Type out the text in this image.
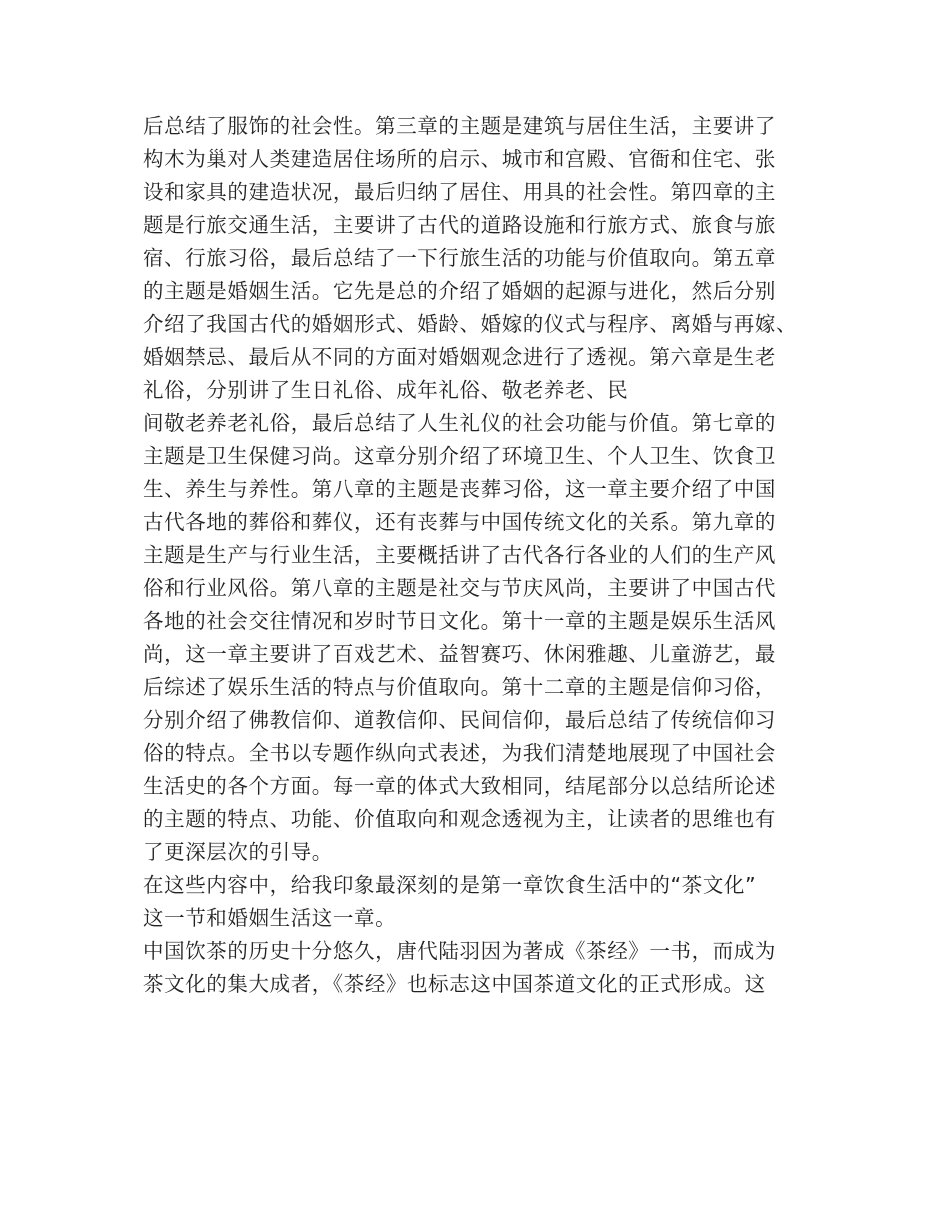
后总结了服饰的社会性。第三章的主题是建筑与居住生活，主要讲了
构木为巢对人类建造居住场所的启示、城市和宫殿、官衙和住宅、张
设和家具的建造状况，最后归纳了居住、用具的社会性。第四章的主
题是行旅交通生活，主要讲了古代的道路设施和行旅方式、旅食与旅
宿、行旅习俗，最后总结了一下行旅生活的功能与价值取向。第五章
的主题是婚姻生活。它先是总的介绍了婚姻的起源与进化，然后分别
介绍了我国古代的婚姻形式、婚龄、婚嫁的仪式与程序、离婚与再嫁、
婚姻禁忌、最后从不同的方面对婚姻观念进行了透视。第六章是生老
礼俗，分别讲了生日礼俗、成年礼俗、敬老养老、民
间敬老养老礼俗，最后总结了人生礼仪的社会功能与价值。第七章的
主题是卫生保健习尚。这章分别介绍了环境卫生、个人卫生、饮食卫
生、养生与养性。第八章的主题是丧葬习俗，这一章主要介绍了中国
古代各地的葬俗和葬仪，还有丧葬与中国传统文化的关系。第九章的
主题是生产与行业生活，主要概括讲了古代各行各业的人们的生产风
俗和行业风俗。第八章的主题是社交与节庆风尚，主要讲了中国古代
各地的社会交往情况和岁时节日文化。第十一章的主题是娱乐生活风
尚，这一章主要讲了百戏艺术、益智赛巧、休闲雅趣、儿童游艺，最
后综述了娱乐生活的特点与价值取向。第十二章的主题是信仰习俗，
分别介绍了佛教信仰、道教信仰、民间信仰，最后总结了传统信仰习
俗的特点。全书以专题作纵向式表述，为我们清楚地展现了中国社会
生活史的各个方面。每一章的体式大致相同，结尾部分以总结所论述
的主题的特点、功能、价值取向和观念透视为主，让读者的思维也有
了更深层次的引导。
在这些内容中，给我印象最深刻的是第一章饮食生活中的“茶文化”
这一节和婚姻生活这一章。
中国饮茶的历史十分悠久，唐代陆羽因为著成《茶经》一书，而成为
茶文化的集大成者，《茶经》也标志这中国茶道文化的正式形成。这
